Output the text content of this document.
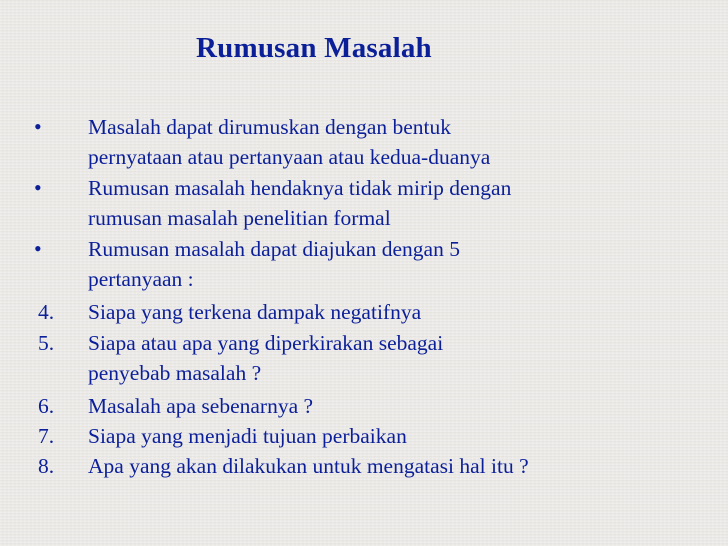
Rumusan Masalah
•	Masalah dapat dirumuskan dengan bentuk
pernyataan atau pertanyaan atau kedua-duanya
•	Rumusan masalah hendaknya tidak mirip dengan
rumusan masalah penelitian formal
•	Rumusan masalah dapat diajukan dengan 5
pertanyaan :
4.	Siapa yang terkena dampak negatifnya
5.	Siapa atau apa yang diperkirakan sebagai
penyebab masalah ?
6.	Masalah apa sebenarnya ?
7.	Siapa yang menjadi tujuan perbaikan
8.	Apa yang akan dilakukan untuk mengatasi hal itu ?
